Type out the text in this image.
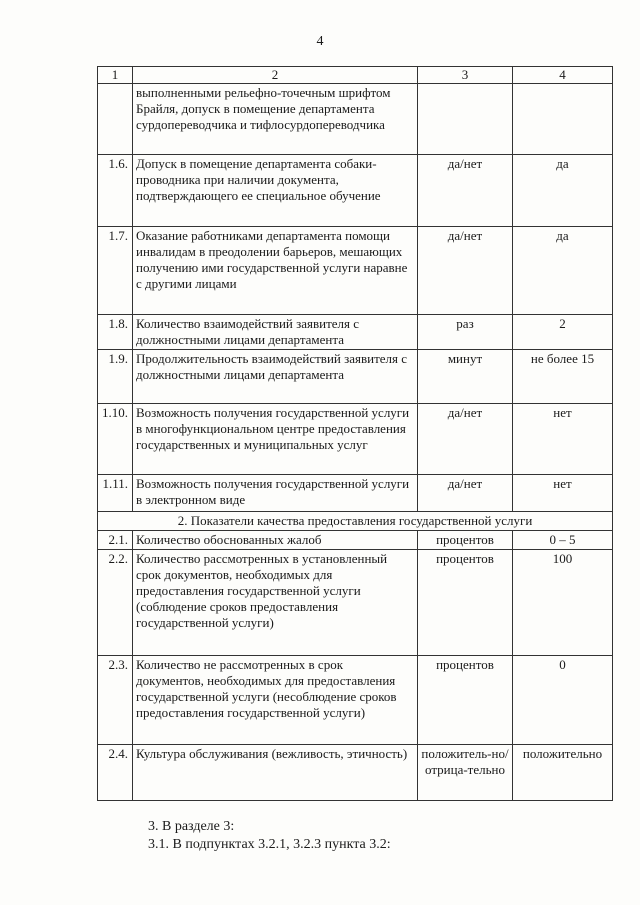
4
1	2	3	4
	выполненными рельефно-точечным шрифтом Брайля, допуск в помещение департамента сурдопереводчика и тифлосурдопереводчика		
1.6.	Допуск в помещение департамента собаки-проводника при наличии документа, подтверждающего ее специальное обучение	да/нет	да
1.7.	Оказание работниками департамента помощи инвалидам в преодолении барьеров, мешающих получению ими государственной услуги наравне с другими лицами	да/нет	да
1.8.	Количество взаимодействий заявителя с должностными лицами департамента	раз	2
1.9.	Продолжительность взаимодействий заявителя с должностными лицами департамента	минут	не более 15
1.10.	Возможность получения государственной услуги в многофункциональном центре предоставления государственных и муниципальных услуг	да/нет	нет
1.11.	Возможность получения государственной услуги в электронном виде	да/нет	нет
2. Показатели качества предоставления государственной услуги			
2.1.	Количество обоснованных жалоб	процентов	0 – 5
2.2.	Количество рассмотренных в установленный срок документов, необходимых для предоставления государственной услуги (соблюдение сроков предоставления государственной услуги)	процентов	100
2.3.	Количество не рассмотренных в срок документов, необходимых для предоставления государственной услуги (несоблюдение сроков предоставления государственной услуги)	процентов	0
2.4.	Культура обслуживания (вежливость, этичность)	положитель-но/отрица-тельно	положительно
3. В разделе 3:
3.1. В подпунктах 3.2.1, 3.2.3 пункта 3.2:
